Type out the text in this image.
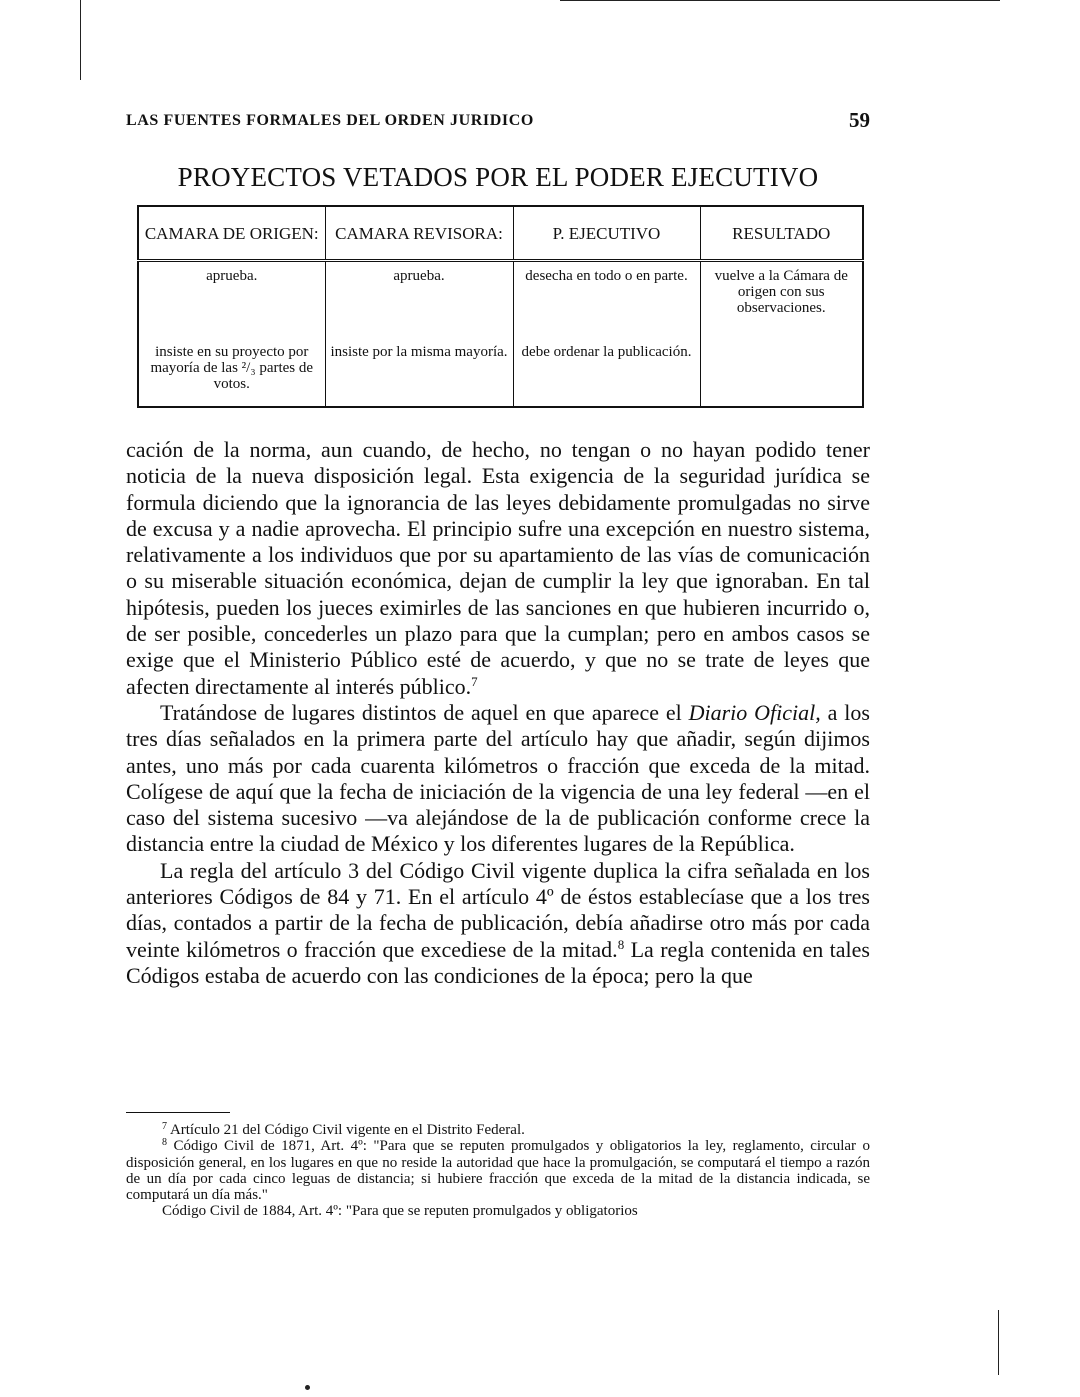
LAS FUENTES FORMALES DEL ORDEN JURIDICO	59
PROYECTOS VETADOS POR EL PODER EJECUTIVO
CAMARA DE ORIGEN:	CAMARA REVISORA:	P. EJECUTIVO	RESULTADO
aprueba.	aprueba.	desecha en todo o en parte.	vuelve a la Cámara de origen con sus observaciones.
insiste en su proyecto por mayoría de las ²/₃ partes de votos.	insiste por la misma mayoría.	debe ordenar la publicación.	

cación de la norma, aun cuando, de hecho, no tengan o no hayan podido tener noticia de la nueva disposición legal. Esta exigencia de la seguridad jurídica se formula diciendo que la ignorancia de las leyes debidamente promulgadas no sirve de excusa y a nadie aprovecha. El principio sufre una excepción en nuestro sistema, relativamente a los individuos que por su apartamiento de las vías de comunicación o su miserable situación económica, dejan de cumplir la ley que ignoraban. En tal hipótesis, pueden los jueces eximirles de las sanciones en que hubieren incurrido o, de ser posible, concederles un plazo para que la cumplan; pero en ambos casos se exige que el Ministerio Público esté de acuerdo, y que no se trate de leyes que afecten directamente al interés público.$^7$

Tratándose de lugares distintos de aquel en que aparece el Diario Oficial, a los tres días señalados en la primera parte del artículo hay que añadir, según dijimos antes, uno más por cada cuarenta kilómetros o fracción que exceda de la mitad. Colígese de aquí que la fecha de iniciación de la vigencia de una ley federal —en el caso del sistema sucesivo —va alejándose de la de publicación conforme crece la distancia entre la ciudad de México y los diferentes lugares de la República.

La regla del artículo 3 del Código Civil vigente duplica la cifra señalada en los anteriores Códigos de 84 y 71. En el artículo 4º de éstos establecíase que a los tres días, contados a partir de la fecha de publicación, debía añadirse otro más por cada veinte kilómetros o fracción que excediese de la mitad.$^8$ La regla contenida en tales Códigos estaba de acuerdo con las condiciones de la época; pero la que

$^7$ Artículo 21 del Código Civil vigente en el Distrito Federal.

$^8$ Código Civil de 1871, Art. 4º: "Para que se reputen promulgados y obligatorios la ley, reglamento, circular o disposición general, en los lugares en que no reside la autoridad que hace la promulgación, se computará el tiempo a razón de un día por cada cinco leguas de distancia; si hubiere fracción que exceda de la mitad de la distancia indicada, se computará un día más."

Código Civil de 1884, Art. 4º: "Para que se reputen promulgados y obligatorios
